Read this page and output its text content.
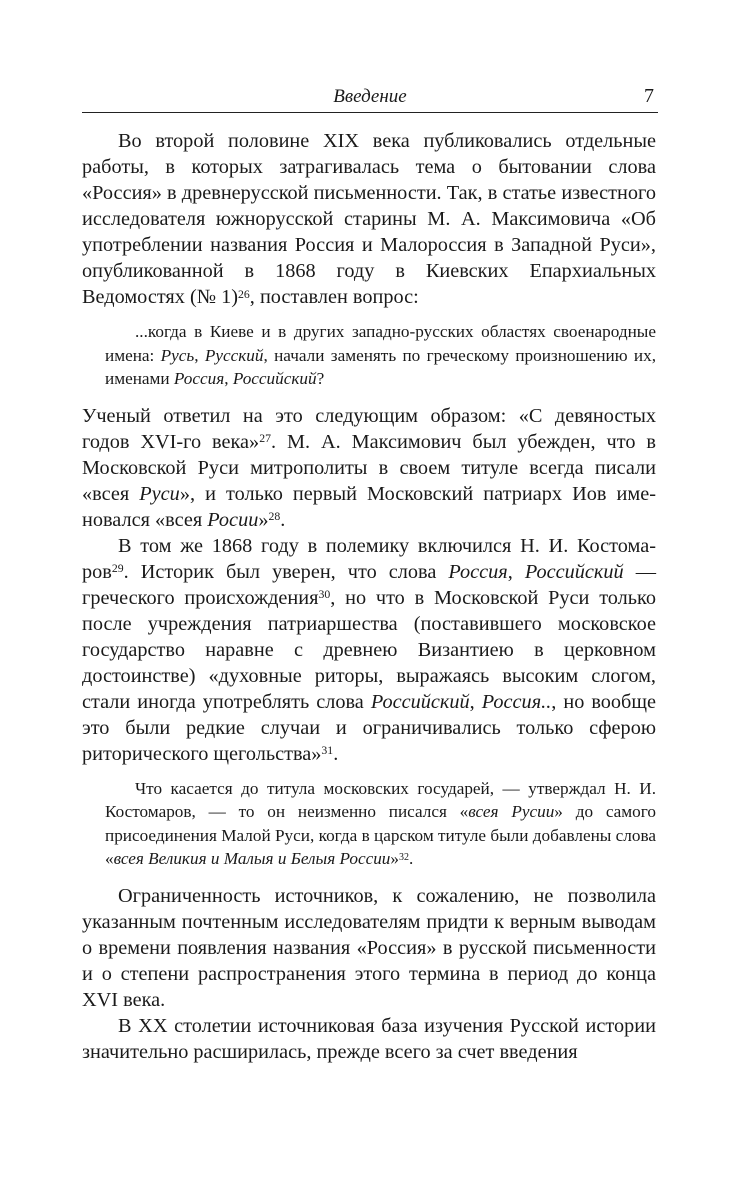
Введение	7

Во второй половине XIX века публиковались отдельные работы, в которых затрагивалась тема о бытовании слова «Россия» в древнерусской письменности. Так, в статье известного исследователя южнорусской старины М. А. Максимовича «Об употреблении названия Россия и Малороссия в Западной Руси», опубликованной в 1868 году в Киевских Епархиальных Ведомостях (№ 1)$^{26}$, поставлен вопрос:

...когда в Киеве и в других западно-русских областях своенародные имена: Русь, Русский, начали заменять по греческому произношению их, именами Россия, Российский?

Ученый ответил на это следующим образом: «С девяностых годов XVI-го века»$^{27}$. М. А. Максимович был убежден, что в Московской Руси митрополиты в своем титуле всегда писали «всея Руси», и только первый Московский патриарх Иов именовался «всея Росии»$^{28}$.

В том же 1868 году в полемику включился Н. И. Костомаров$^{29}$. Историк был уверен, что слова Россия, Российский — греческого происхождения$^{30}$, но что в Московской Руси только после учреждения патриаршества (поставившего московское государство наравне с древнею Византиею в церковном достоинстве) «духовные риторы, выражаясь высоким слогом, стали иногда употреблять слова Российский, Россия.., но вообще это были редкие случаи и ограничивались только сферою риторического щегольства»$^{31}$.

Что касается до титула московских государей, — утверждал Н. И. Костомаров, — то он неизменно писался «всея Русии» до самого присоединения Малой Руси, когда в царском титуле были добавлены слова «всея Великия и Малыя и Белыя России»$^{32}$.

Ограниченность источников, к сожалению, не позволила указанным почтенным исследователям придти к верным выводам о времени появления названия «Россия» в русской письменности и о степени распространения этого термина в период до конца XVI века.

В XX столетии источниковая база изучения Русской истории значительно расширилась, прежде всего за счет введения
